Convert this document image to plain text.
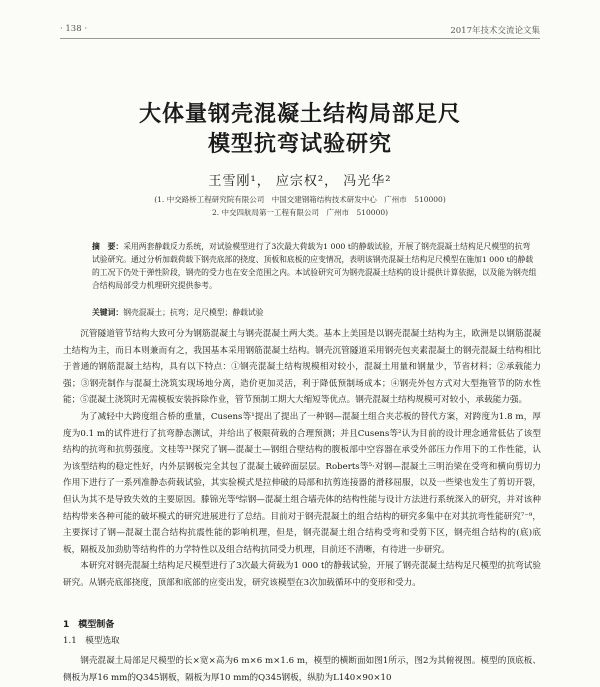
· 138 ·	2017年技术交流论文集
大体量钢壳混凝土结构局部足尺
模型抗弯试验研究
王雪刚¹， 应宗权²， 冯光华²
(1. 中交路桥工程研究院有限公司　中国交建钢箱结构技术研发中心　广州市　510000)
2. 中交四航局第一工程有限公司　广州市　510000)
摘　要：采用两套静载反力系统，对试验模型进行了3次最大荷载为1 000 t的静载试验，开展了钢壳混凝土结构足尺模型的抗弯试验研究。通过分析加载荷载下钢壳底部的挠度、顶板和底板的应变情况，表明该钢壳混凝土结构足尺模型在施加1 000 t的静载的工况下仍处于弹性阶段，钢壳的受力也在安全范围之内。本试验研究可为钢壳混凝土结构的设计提供计算依据，以及能为钢壳组合结构局部受力机理研究提供参考。
关键词：钢壳混凝土；抗弯；足尺模型；静载试验

沉管隧道管节结构大致可分为钢筋混凝土与钢壳混凝土两大类。基本上美国是以钢壳混凝土结构为主，欧洲是以钢筋混凝土结构为主，而日本则兼而有之，我国基本采用钢筋混凝土结构。钢壳沉管隧道采用钢壳包夹素混凝土的钢壳混凝土结构相比于普通的钢筋混凝土结构，具有以下特点：①钢壳混凝土结构规模相对较小，混凝土用量和钢量少，节省材料；②承载能力强；③钢壳制作与混凝土浇筑实现场地分离，造价更加灵活，利于降低预制场成本；④钢壳外包方式对大型拖管节的防水性能；⑤混凝土浇筑时无需模板安装拆除作业，管节预制工期大大缩短等优点。钢壳混凝土结构规模可对较小，承载能力强。

为了减轻中大跨度组合桥的重量，Cusens等¹提出了提出了一种钢—混凝土组合夹芯板的替代方案，对跨度为1.8 m，厚度为0.1 m的试件进行了抗弯静态测试，并给出了极限荷载的合理预测；并且Cusens等²认为目前的设计理念通常低估了该型结构的抗弯和抗剪强度。文桂等³¹探究了钢—混凝土—钢组合壁结构的腹板部中空容器在承受外部压力作用下的工作性能，认为该型结构的稳定性好，内外层钢板完全其包了混凝土破碎面层层。Roberts等⁵·对钢—混凝土三明治梁在受弯和横向剪切力作用下进行了一系列准静态荷载试验，其实验模式是拉伸破的局部和抗剪连接器的滑移屈服，以及一些梁也发生了剪切开裂，但认为其不是导致失效的主要原因。滕锦光等⁶综钢—混凝土组合墙壳体的结构性能与设计方法进行系统深入的研究，并对该种结构带来各种可能的破坏模式的研究进展进行了总结。目前对于钢壳混凝土的组合结构的研究多集中在对其抗弯性能研究⁷⁻⁹，主要探讨了钢—混凝土混合结构抗震性能的影响机理，但是，钢壳混凝土组合结构受弯和受剪下区，钢壳组合结构的(底)底板，隔板及加劲肋等结构件的力学特性以及组合结构抗同受力机理，目前还不清晰，有待进一步研究。

本研究对钢壳混凝土结构足尺模型进行了3次最大荷载为1 000 t的静载试验，开展了钢壳混凝土结构足尺模型的抗弯试验研究。从钢壳底部挠度，顶部和底部的应变出发，研究该模型在3次加载循环中的变形和受力。

1　模型制备
1.1　模型选取

钢壳混凝土局部足尺模型的长×宽×高为6 m×6 m×1.6 m，模型的横断面如图1所示，图2为其俯视图。模型的顶底板、侧板为厚16 mm的Q345钢板，隔板为厚10 mm的Q345钢板，纵肋为L140×90×10
